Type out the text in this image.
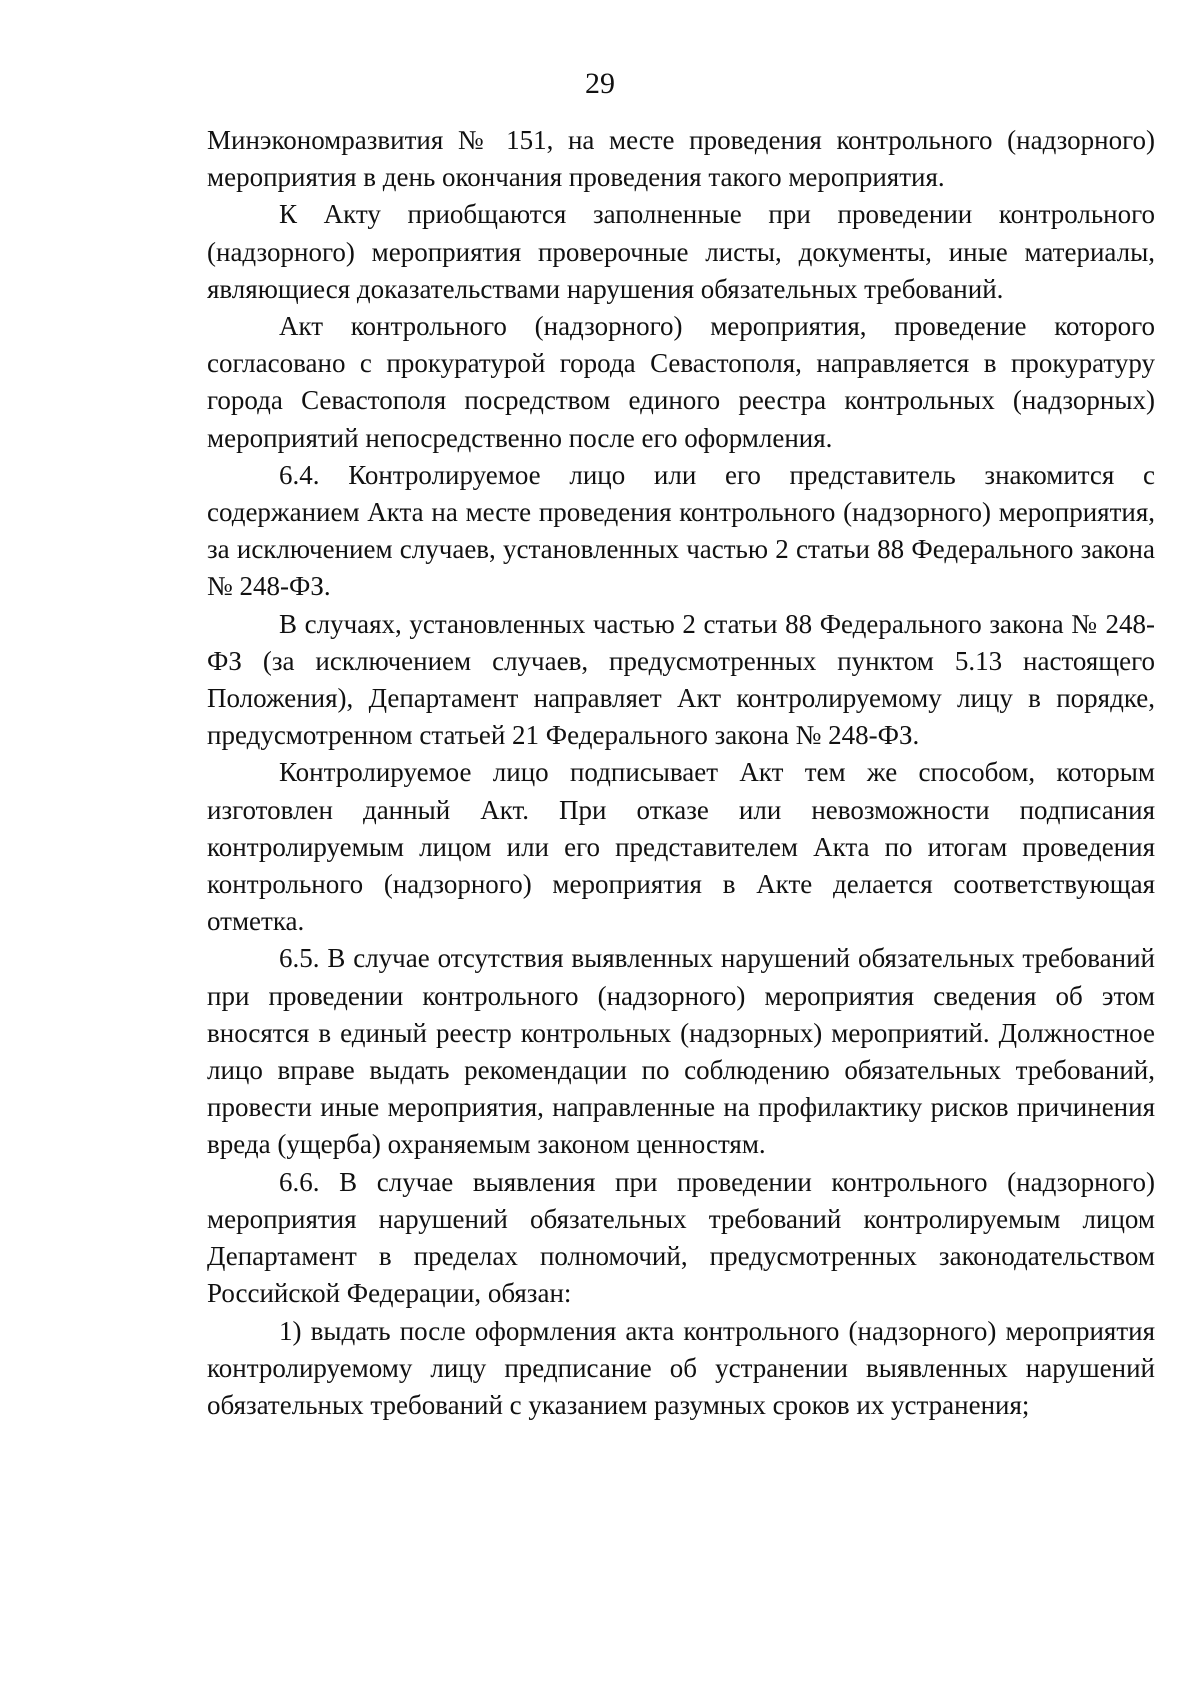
29

Минэкономразвития № 151, на месте проведения контрольного (надзорного) мероприятия в день окончания проведения такого мероприятия.

К Акту приобщаются заполненные при проведении контрольного (надзорного) мероприятия проверочные листы, документы, иные материалы, являющиеся доказательствами нарушения обязательных требований.

Акт контрольного (надзорного) мероприятия, проведение которого согласовано с прокуратурой города Севастополя, направляется в прокуратуру города Севастополя посредством единого реестра контрольных (надзорных) мероприятий непосредственно после его оформления.

6.4. Контролируемое лицо или его представитель знакомится с содержанием Акта на месте проведения контрольного (надзорного) мероприятия, за исключением случаев, установленных частью 2 статьи 88 Федерального закона № 248-ФЗ.

В случаях, установленных частью 2 статьи 88 Федерального закона № 248-ФЗ (за исключением случаев, предусмотренных пунктом 5.13 настоящего Положения), Департамент направляет Акт контролируемому лицу в порядке, предусмотренном статьей 21 Федерального закона № 248-ФЗ.

Контролируемое лицо подписывает Акт тем же способом, которым изготовлен данный Акт. При отказе или невозможности подписания контролируемым лицом или его представителем Акта по итогам проведения контрольного (надзорного) мероприятия в Акте делается соответствующая отметка.

6.5. В случае отсутствия выявленных нарушений обязательных требований при проведении контрольного (надзорного) мероприятия сведения об этом вносятся в единый реестр контрольных (надзорных) мероприятий. Должностное лицо вправе выдать рекомендации по соблюдению обязательных требований, провести иные мероприятия, направленные на профилактику рисков причинения вреда (ущерба) охраняемым законом ценностям.

6.6. В случае выявления при проведении контрольного (надзорного) мероприятия нарушений обязательных требований контролируемым лицом Департамент в пределах полномочий, предусмотренных законодательством Российской Федерации, обязан:

1) выдать после оформления акта контрольного (надзорного) мероприятия контролируемому лицу предписание об устранении выявленных нарушений обязательных требований с указанием разумных сроков их устранения;
